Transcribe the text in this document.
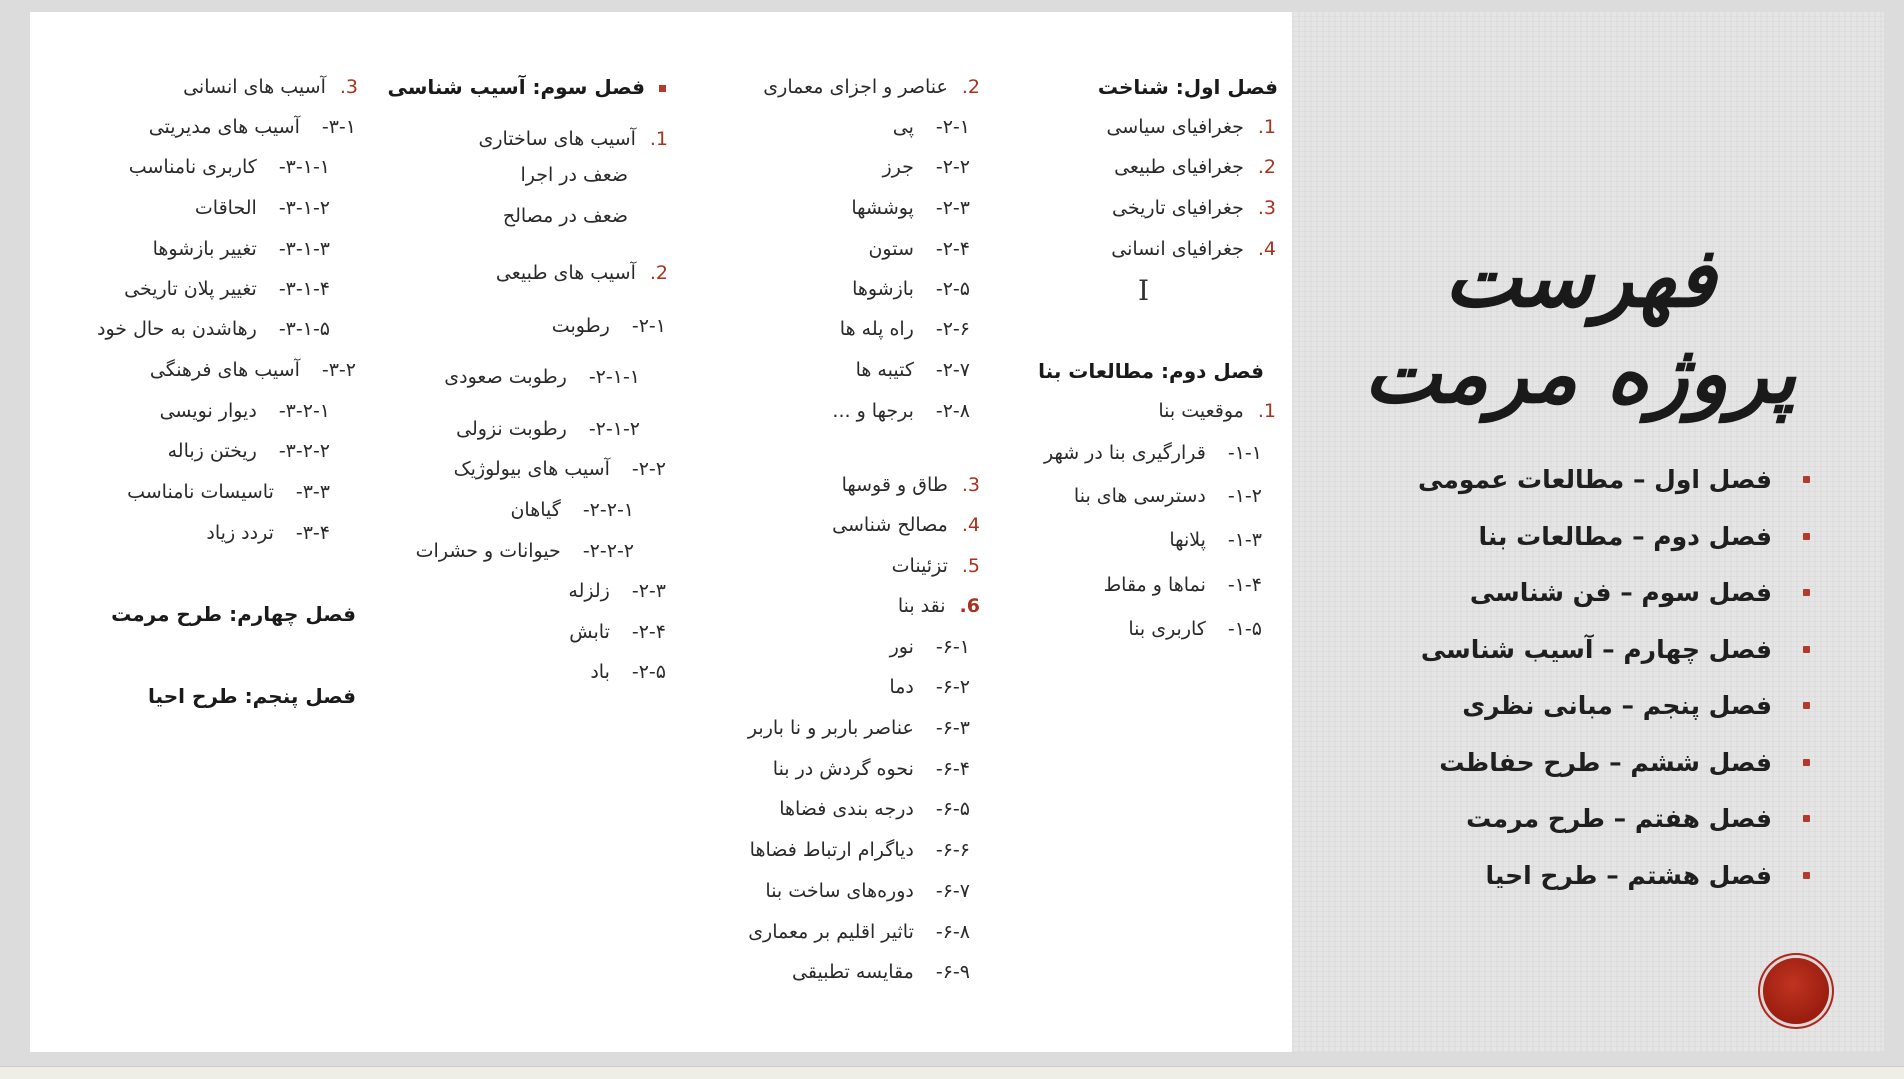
فهرست پروژه مرمت
فصل اول – مطالعات عمومی
فصل دوم – مطالعات بنا
فصل سوم – فن شناسی
فصل چهارم – آسیب شناسی
فصل پنجم – مبانی نظری
فصل ششم – طرح حفاظت
فصل هفتم – طرح مرمت
فصل هشتم – طرح احیا
I
فصل اول: شناخت
1.جغرافیای سیاسی
2.جغرافیای طبیعی
3.جغرافیای تاریخی
4.جغرافیای انسانی
فصل دوم: مطالعات بنا
1.موقعیت بنا
۱-۱-قرارگیری بنا در شهر
۱-۲-دسترسی های بنا
۱-۳-پلانها
۱-۴-نماها و مقاط
۱-۵-کاربری بنا
2.عناصر و اجزای معماری
۲-۱-پی
۲-۲-جرز
۲-۳-پوششها
۲-۴-ستون
۲-۵-بازشوها
۲-۶-راه پله ها
۲-۷-کتیبه ها
۲-۸-برجها و ...
3.طاق و قوسها
4.مصالح شناسی
5.تزئینات
6.نقد بنا
۶-۱-نور
۶-۲-دما
۶-۳-عناصر باربر و نا باربر
۶-۴-نحوه گردش در بنا
۶-۵-درجه بندی فضاها
۶-۶-دیاگرام ارتباط فضاها
۶-۷-دوره‌های ساخت بنا
۶-۸-تاثیر اقلیم بر معماری
۶-۹-مقایسه تطبیقی
فصل سوم: آسیب شناسی
1.آسیب های ساختاری
ضعف در اجرا
ضعف در مصالح
2.آسیب های طبیعی
۲-۱-رطوبت
۲-۱-۱-رطوبت صعودی
۲-۱-۲-رطوبت نزولی
۲-۲-آسیب های بیولوژیک
۲-۲-۱-گیاهان
۲-۲-۲-حیوانات و حشرات
۲-۳-زلزله
۲-۴-تابش
۲-۵-باد
3.آسیب های انسانی
۳-۱-آسیب های مدیریتی
۳-۱-۱-کاربری نامناسب
۳-۱-۲-الحاقات
۳-۱-۳-تغییر بازشوها
۳-۱-۴-تغییر پلان تاریخی
۳-۱-۵-رهاشدن به حال خود
۳-۲-آسیب های فرهنگی
۳-۲-۱-دیوار نویسی
۳-۲-۲-ریختن زباله
۳-۳-تاسیسات نامناسب
۳-۴-تردد زیاد
فصل چهارم: طرح مرمت
فصل پنجم: طرح احیا
